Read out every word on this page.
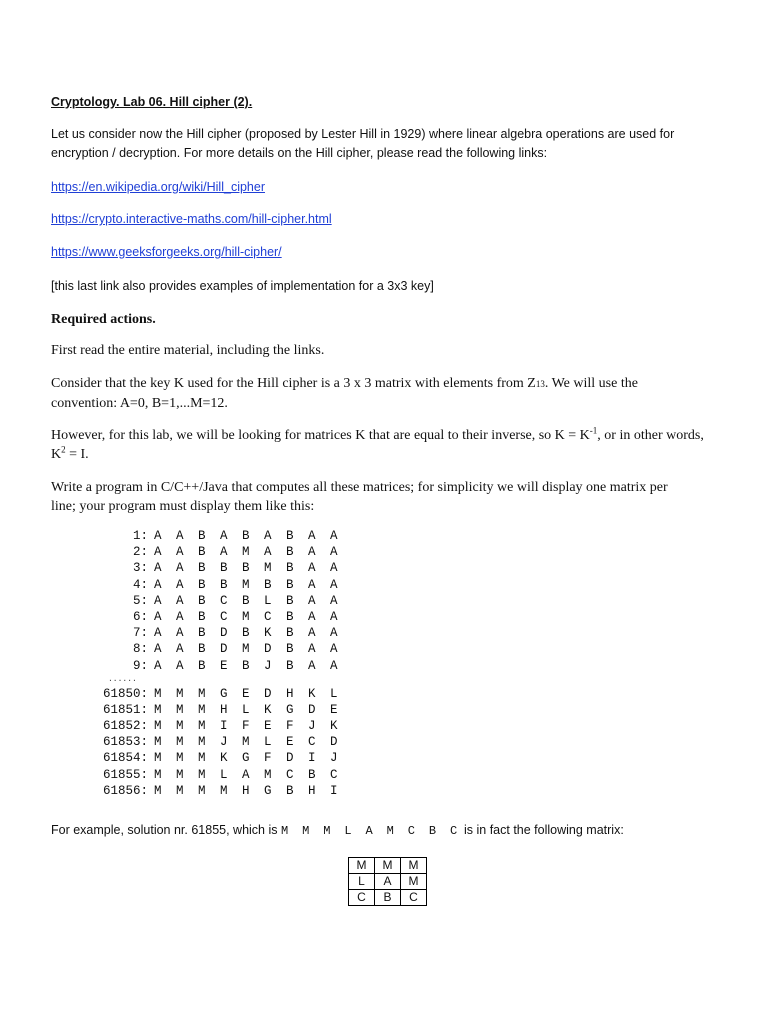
Cryptology. Lab 06. Hill cipher (2).
Let us consider now the Hill cipher (proposed by Lester Hill in 1929) where linear algebra operations are used for
encryption / decryption. For more details on the Hill cipher, please read the following links:
https://en.wikipedia.org/wiki/Hill_cipher
https://crypto.interactive-maths.com/hill-cipher.html
https://www.geeksforgeeks.org/hill-cipher/
[this last link also provides examples of implementation for a 3x3 key]
Required actions.
First read the entire material, including the links.
Consider that the key K used for the Hill cipher is a 3 x 3 matrix with elements from Z13. We will use the
convention: A=0, B=1,...M=12.
However, for this lab, we will be looking for matrices K that are equal to their inverse, so $K = K^{-1}$, or in other words,
$K^2 = I$.
Write a program in C/C++/Java that computes all these matrices; for simplicity we will display one matrix per
line; your program must display them like this:
1: A A B A B A B A A
2: A A B A M A B A A
3: A A B B B M B A A
4: A A B B M B B A A
5: A A B C B L B A A
6: A A B C M C B A A
7: A A B D B K B A A
8: A A B D M D B A A
9: A A B E B J B A A
......
61850: M M M G E D H K L
61851: M M M H L K G D E
61852: M M M I F E F J K
61853: M M M J M L E C D
61854: M M M K G F D I J
61855: M M M L A M C B C
61856: M M M M H G B H I
For example, solution nr. 61855, which is M M M L A M C B C is in fact the following matrix:
M	M	M
L	A	M
C	B	C
